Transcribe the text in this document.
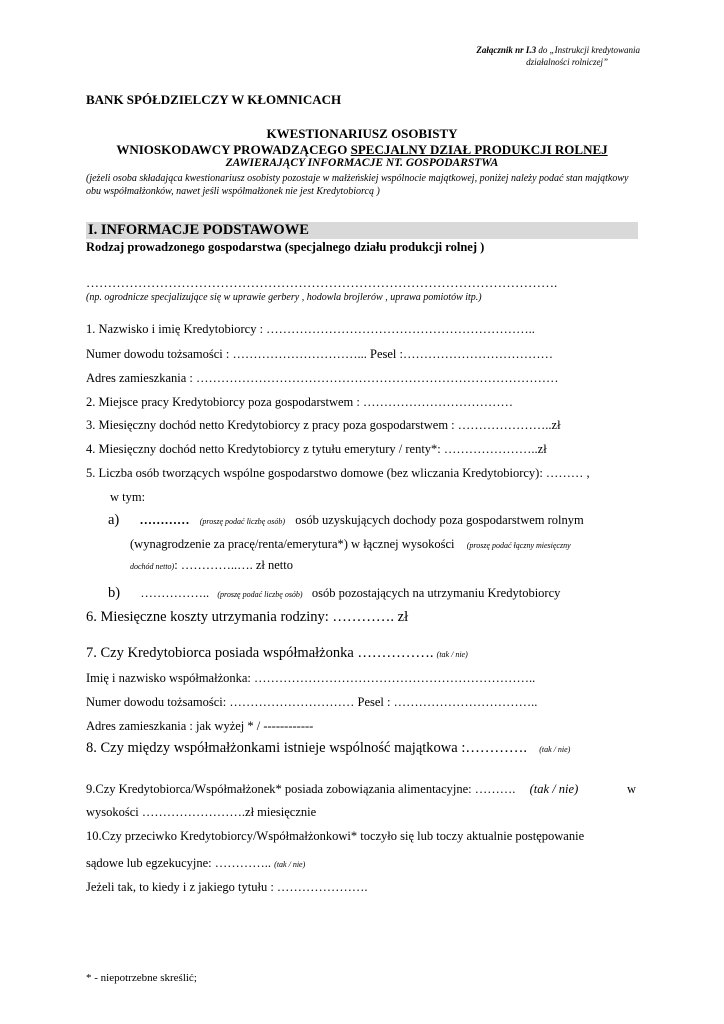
Załącznik nr I.3 do „Instrukcji kredytowania
działalności rolniczej”
BANK SPÓŁDZIELCZY W KŁOMNICACH
KWESTIONARIUSZ OSOBISTY
WNIOSKODAWCY PROWADZĄCEGO SPECJALNY DZIAŁ PRODUKCJI ROLNEJ
ZAWIERAJĄCY INFORMACJE NT. GOSPODARSTWA
(jeżeli osoba składająca kwestionariusz osobisty pozostaje w małżeńskiej wspólnocie majątkowej, poniżej należy podać stan majątkowy obu współmałżonków, nawet jeśli współmałżonek nie jest Kredytobiorcą )
I. INFORMACJE PODSTAWOWE
Rodzaj prowadzonego gospodarstwa (specjalnego działu produkcji rolnej )
……………………………………………………………………………………………….
(np. ogrodnicze specjalizujące się w uprawie gerbery , hodowla brojlerów , uprawa pomiotów itp.)
1. Nazwisko i imię Kredytobiorcy : ………………………………………………………..
Numer dowodu tożsamości : …………………………... Pesel :………………………………
Adres zamieszkania : ……………………………………………………………………………
2. Miejsce pracy Kredytobiorcy poza gospodarstwem : ………………………………
3. Miesięczny dochód netto Kredytobiorcy z pracy poza gospodarstwem : …………………..zł
4. Miesięczny dochód netto Kredytobiorcy z tytułu emerytury / renty*: …………………..zł
5. Liczba osób tworzących wspólne gospodarstwo domowe (bez wliczania Kredytobiorcy): ……… ,
w tym:
a) ………… (proszę podać liczbę osób) osób uzyskujących dochody poza gospodarstwem rolnym
(wynagrodzenie za pracę/renta/emerytura*) w łącznej wysokości (proszę podać łączny miesięczny
dochód netto): …………..…. zł netto
b) …………….. (proszę podać liczbę osób) osób pozostających na utrzymaniu Kredytobiorcy
6. Miesięczne koszty utrzymania rodziny: …………. zł
7. Czy Kredytobiorca posiada współmałżonka ……………. (tak / nie)
Imię i nazwisko współmałżonka: …………………………………………………………..
Numer dowodu tożsamości: ………………………… Pesel : ……………………………..
Adres zamieszkania : jak wyżej * / ------------
8. Czy między współmałżonkami istnieje wspólność majątkowa :…………. (tak / nie)
9.Czy Kredytobiorca/Współmałżonek* posiada zobowiązania alimentacyjne: ………. (tak / nie)	w
wysokości …………………….zł miesięcznie
10.Czy przeciwko Kredytobiorcy/Współmałżonkowi* toczyło się lub toczy aktualnie postępowanie
sądowe lub egzekucyjne: ………….. (tak / nie)
Jeżeli tak, to kiedy i z jakiego tytułu : ………………….
* - niepotrzebne skreślić;
